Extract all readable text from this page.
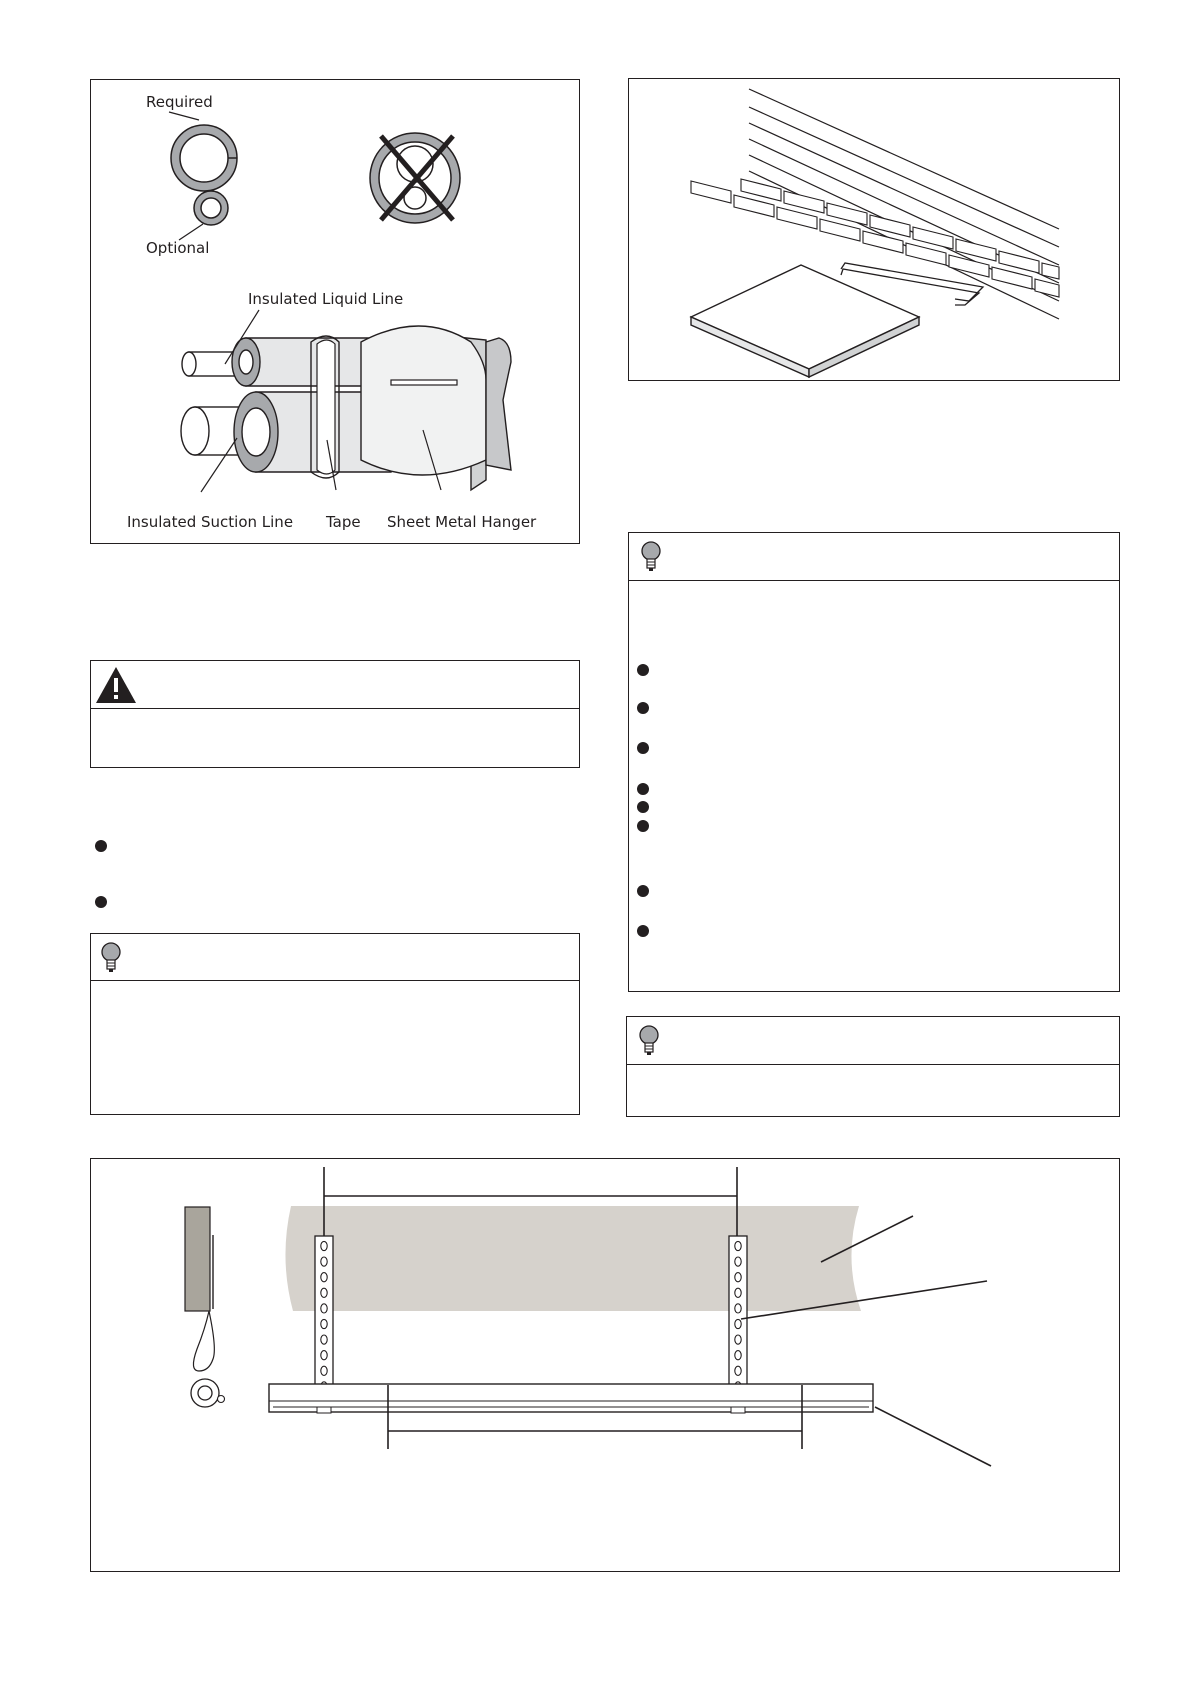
Required
Optional
Insulated Liquid Line
Insulated Suction Line Tape Sheet Metal Hanger
